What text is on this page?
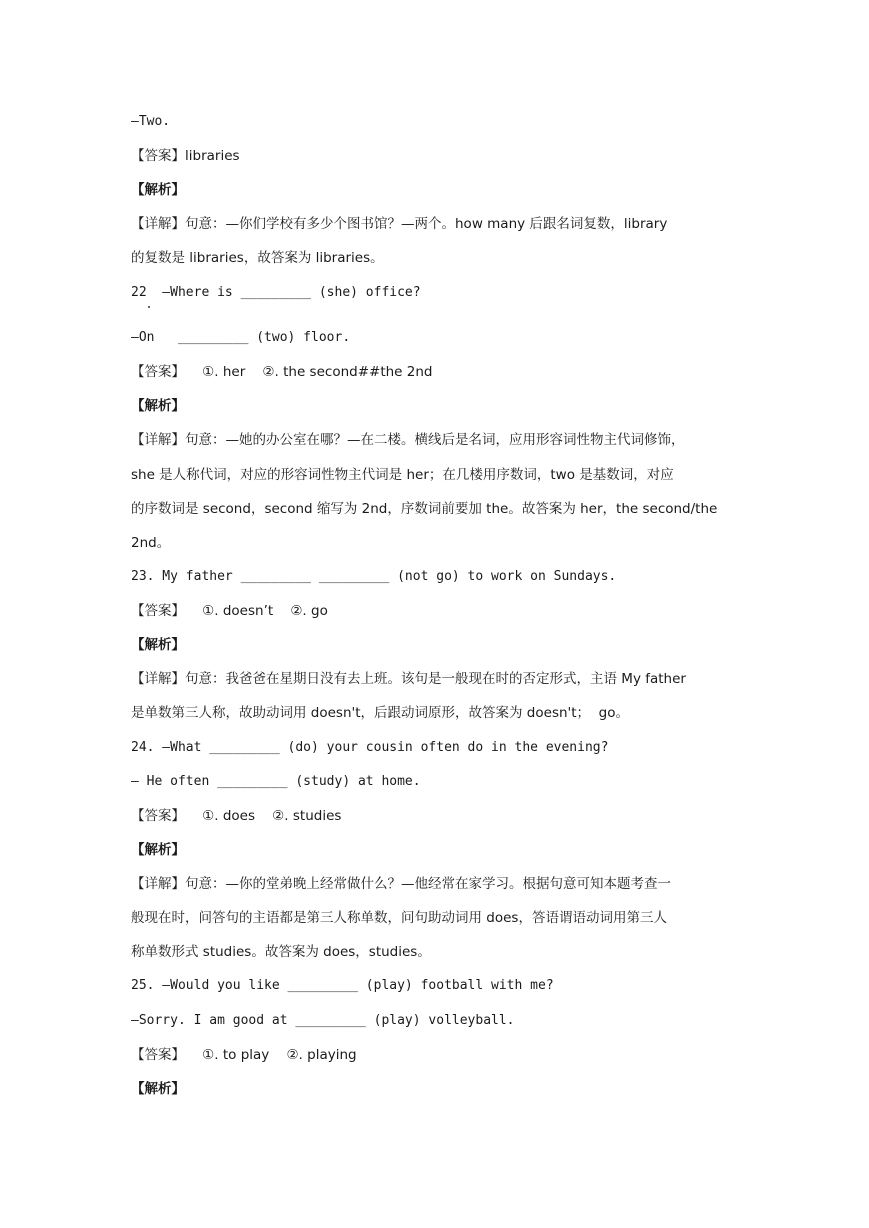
—Two.
【答案】libraries
【解析】
【详解】句意：—你们学校有多少个图书馆？—两个。how many 后跟名词复数，library
的复数是 libraries，故答案为 libraries。
22  —Where is _________ (she) office?
—On   _________ (two) floor.
【答案】    ①. her    ②. the second##the 2nd
【解析】
【详解】句意：—她的办公室在哪？—在二楼。横线后是名词，应用形容词性物主代词修饰，
she 是人称代词，对应的形容词性物主代词是 her；在几楼用序数词，two 是基数词，对应
的序数词是 second，second 缩写为 2nd，序数词前要加 the。故答案为 her，the second/the
2nd。
23. My father _________ _________ (not go) to work on Sundays.
【答案】    ①. doesn’t    ②. go
【解析】
【详解】句意：我爸爸在星期日没有去上班。该句是一般现在时的否定形式，主语 My father
是单数第三人称，故助动词用 doesn't，后跟动词原形，故答案为 doesn't；  go。
24. —What _________ (do) your cousin often do in the evening?
— He often _________ (study) at home.
【答案】    ①. does    ②. studies
【解析】
【详解】句意：—你的堂弟晚上经常做什么？—他经常在家学习。根据句意可知本题考查一
般现在时，问答句的主语都是第三人称单数，问句助动词用 does，答语谓语动词用第三人
称单数形式 studies。故答案为 does，studies。
25. —Would you like _________ (play) football with me?
—Sorry. I am good at _________ (play) volleyball.
【答案】    ①. to play    ②. playing
【解析】
